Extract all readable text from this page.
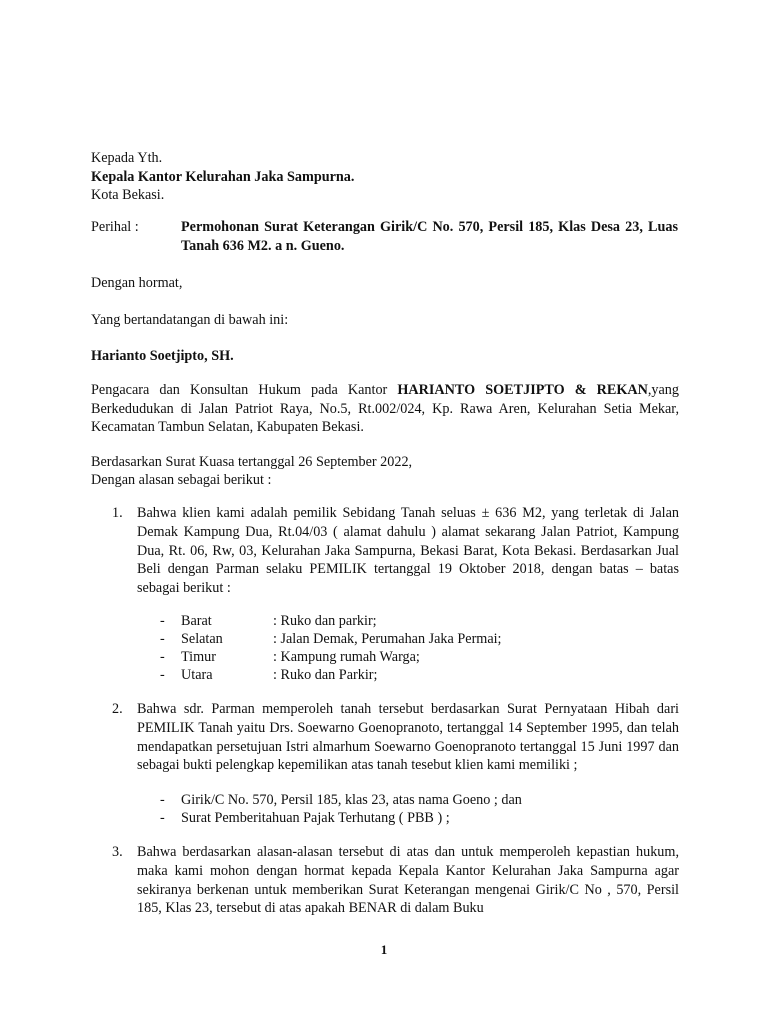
Kepada Yth.
Kepala Kantor Kelurahan Jaka Sampurna.
Kota Bekasi.
Perihal :	Permohonan Surat Keterangan Girik/C No. 570, Persil 185, Klas Desa 23, Luas Tanah 636 M2. a n. Gueno.
Dengan hormat,
Yang bertandatangan di bawah ini:
Harianto Soetjipto, SH.
Pengacara dan Konsultan Hukum pada Kantor HARIANTO SOETJIPTO & REKAN,yang Berkedudukan di Jalan Patriot Raya, No.5, Rt.002/024, Kp. Rawa Aren, Kelurahan Setia Mekar, Kecamatan Tambun Selatan, Kabupaten Bekasi.
Berdasarkan Surat Kuasa tertanggal 26 September 2022,
Dengan alasan sebagai berikut :
1. Bahwa klien kami adalah pemilik Sebidang Tanah seluas ± 636 M2, yang terletak di Jalan Demak Kampung Dua, Rt.04/03 ( alamat dahulu ) alamat sekarang Jalan Patriot, Kampung Dua, Rt. 06, Rw, 03, Kelurahan Jaka Sampurna, Bekasi Barat, Kota Bekasi. Berdasarkan Jual Beli dengan Parman selaku PEMILIK tertanggal 19 Oktober 2018, dengan batas – batas sebagai berikut :
- Barat	: Ruko dan parkir;
- Selatan	: Jalan Demak, Perumahan Jaka Permai;
- Timur	: Kampung rumah Warga;
- Utara	: Ruko dan Parkir;
2. Bahwa sdr. Parman memperoleh tanah tersebut berdasarkan Surat Pernyataan Hibah dari PEMILIK Tanah yaitu Drs. Soewarno Goenopranoto, tertanggal 14 September 1995, dan telah mendapatkan persetujuan Istri almarhum Soewarno Goenopranoto tertanggal 15 Juni 1997 dan sebagai bukti pelengkap kepemilikan atas tanah tesebut klien kami memiliki ;
- Girik/C No. 570, Persil 185, klas 23, atas nama Goeno ; dan
- Surat Pemberitahuan Pajak Terhutang ( PBB ) ;
3. Bahwa berdasarkan alasan-alasan tersebut di atas dan untuk memperoleh kepastian hukum, maka kami mohon dengan hormat kepada Kepala Kantor Kelurahan Jaka Sampurna agar sekiranya berkenan untuk memberikan Surat Keterangan mengenai Girik/C No , 570, Persil 185, Klas 23, tersebut di atas apakah BENAR di dalam Buku
1
